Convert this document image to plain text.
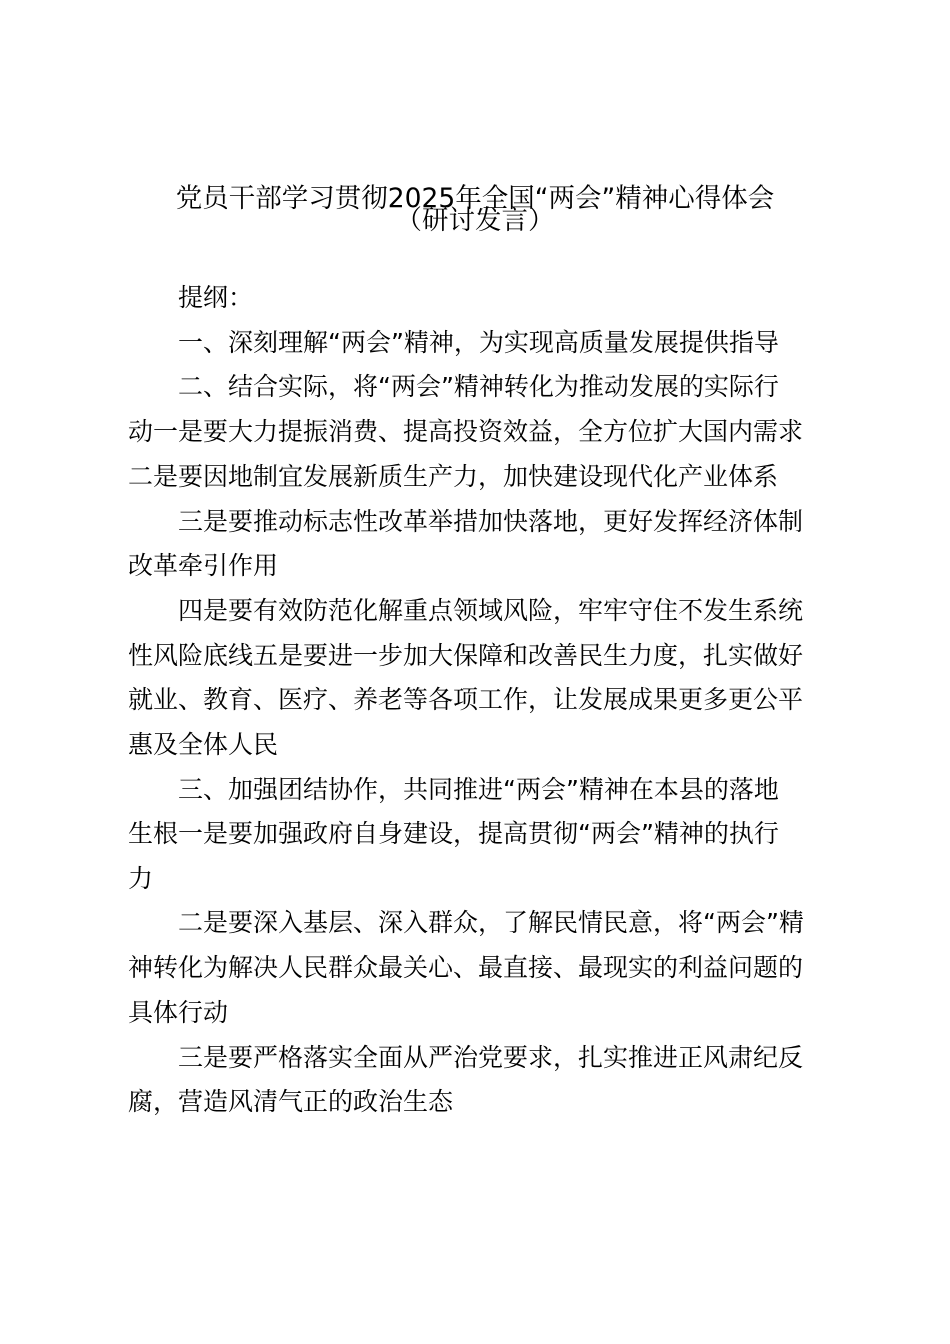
党员干部学习贯彻2025年全国“两会”精神心得体会
（研讨发言）
提纲：
一、深刻理解“两会”精神，为实现高质量发展提供指导
二、结合实际，将“两会”精神转化为推动发展的实际行
动一是要大力提振消费、提高投资效益，全方位扩大国内需求
二是要因地制宜发展新质生产力，加快建设现代化产业体系
三是要推动标志性改革举措加快落地，更好发挥经济体制
改革牵引作用
四是要有效防范化解重点领域风险，牢牢守住不发生系统
性风险底线五是要进一步加大保障和改善民生力度，扎实做好
就业、教育、医疗、养老等各项工作，让发展成果更多更公平
惠及全体人民
三、加强团结协作，共同推进“两会”精神在本县的落地
生根一是要加强政府自身建设，提高贯彻“两会”精神的执行
力
二是要深入基层、深入群众，了解民情民意，将“两会”精
神转化为解决人民群众最关心、最直接、最现实的利益问题的
具体行动
三是要严格落实全面从严治党要求，扎实推进正风肃纪反
腐，营造风清气正的政治生态
